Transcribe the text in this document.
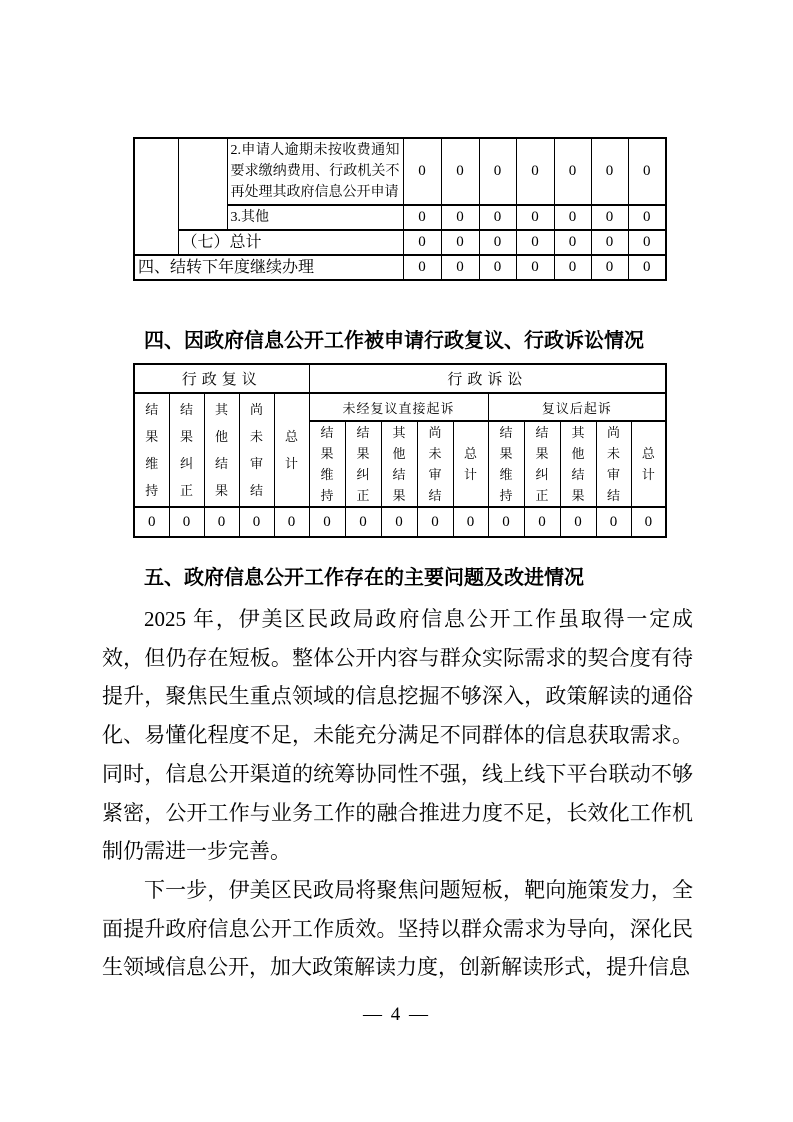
		2.申请人逾期未按收费通知要求缴纳费用、行政机关不再处理其政府信息公开申请	0	0	0	0	0	0	0
		3.其他	0	0	0	0	0	0	0
	（七）总计		0	0	0	0	0	0	0
四、结转下年度继续办理			0	0	0	0	0	0	0
四、因政府信息公开工作被申请行政复议、行政诉讼情况
行政复议					行政诉讼									
结果维持	结果纠正	其他结果	尚未审结	总计	未经复议直接起诉					复议后起诉				
					结果维持	结果纠正	其他结果	尚未审结	总计	结果维持	结果纠正	其他结果	尚未审结	总计
0	0	0	0	0	0	0	0	0	0	0	0	0	0	0
五、政府信息公开工作存在的主要问题及改进情况

2025 年，伊美区民政局政府信息公开工作虽取得一定成效，但仍存在短板。整体公开内容与群众实际需求的契合度有待提升，聚焦民生重点领域的信息挖掘不够深入，政策解读的通俗化、易懂化程度不足，未能充分满足不同群体的信息获取需求。同时，信息公开渠道的统筹协同性不强，线上线下平台联动不够紧密，公开工作与业务工作的融合推进力度不足，长效化工作机制仍需进一步完善。

下一步，伊美区民政局将聚焦问题短板，靶向施策发力，全面提升政府信息公开工作质效。坚持以群众需求为导向，深化民生领域信息公开，加大政策解读力度，创新解读形式，提升信息

— 4 —
